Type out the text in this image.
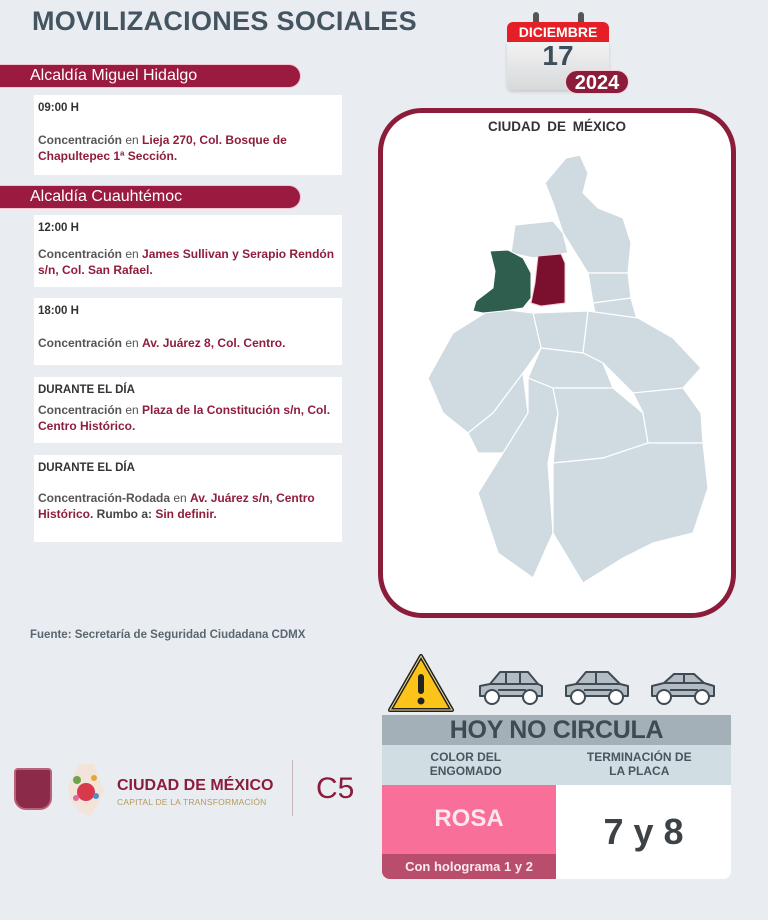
MOVILIZACIONES SOCIALES	DICIEMBRE
17
2024
Alcaldía Miguel Hidalgo
09:00 H
Concentración en Lieja 270, Col. Bosque de Chapultepec 1ª Sección.
Alcaldía Cuauhtémoc
12:00 H
Concentración en James Sullivan y Serapio Rendón s/n, Col. San Rafael.
18:00 H
Concentración en Av. Juárez 8, Col. Centro.
DURANTE EL DÍA
Concentración en Plaza de la Constitución s/n, Col. Centro Histórico.
DURANTE EL DÍA
Concentración-Rodada en Av. Juárez s/n, Centro Histórico. Rumbo a: Sin definir.
CIUDAD DE MÉXICO
Fuente: Secretaría de Seguridad Ciudadana CDMX
CIUDAD DE MÉXICO
CAPITAL DE LA TRANSFORMACIÓN C5
HOY NO CIRCULA
COLOR DEL ENGOMADO
TERMINACIÓN DE LA PLACA
ROSA
Con holograma 1 y 2
7 y 8
